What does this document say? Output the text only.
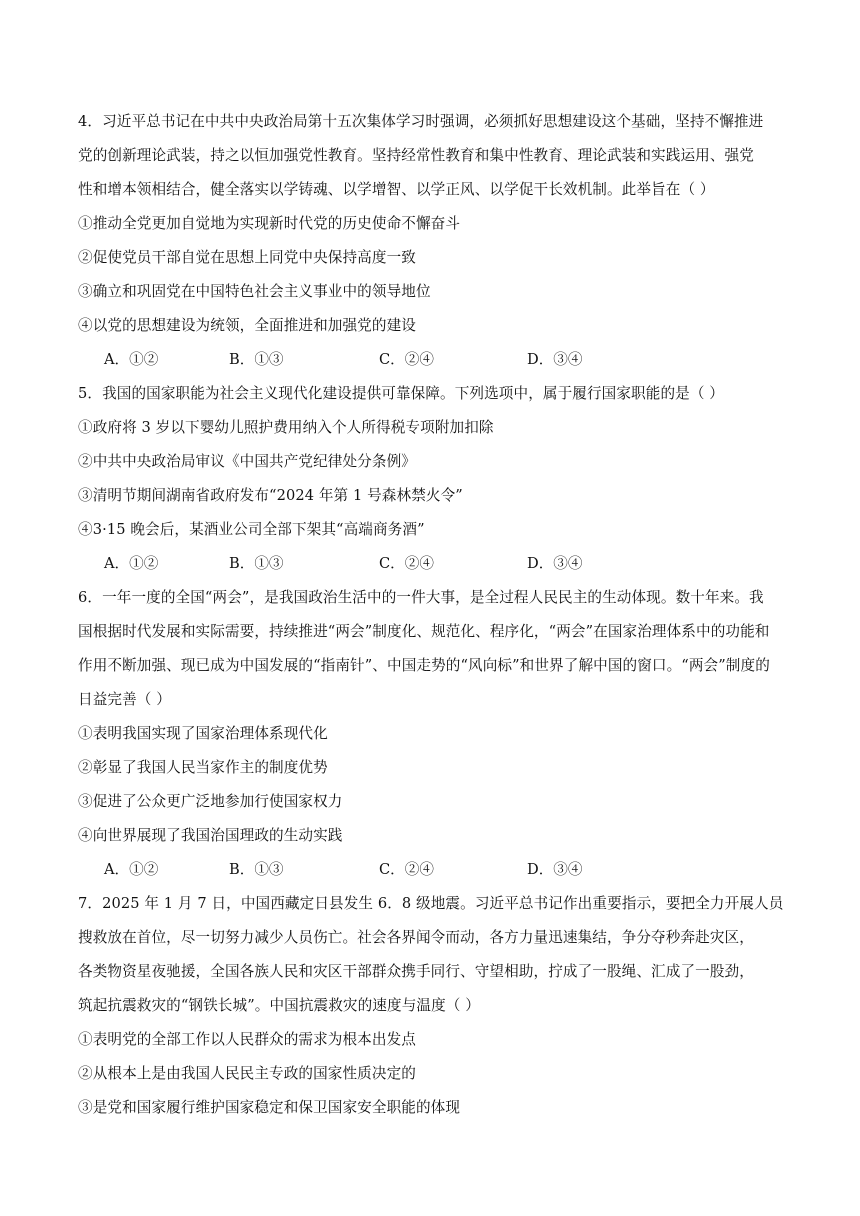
4．习近平总书记在中共中央政治局第十五次集体学习时强调，必须抓好思想建设这个基础，坚持不懈推进
党的创新理论武装，持之以恒加强党性教育。坚持经常性教育和集中性教育、理论武装和实践运用、强党
性和增本领相结合，健全落实以学铸魂、以学增智、以学正风、以学促干长效机制。此举旨在（ ）
①推动全党更加自觉地为实现新时代党的历史使命不懈奋斗
②促使党员干部自觉在思想上同党中央保持高度一致
③确立和巩固党在中国特色社会主义事业中的领导地位
④以党的思想建设为统领，全面推进和加强党的建设
A．①②	B．①③	C．②④	D．③④
5．我国的国家职能为社会主义现代化建设提供可靠保障。下列选项中，属于履行国家职能的是（ ）
①政府将 3 岁以下婴幼儿照护费用纳入个人所得税专项附加扣除
②中共中央政治局审议《中国共产党纪律处分条例》
③清明节期间湖南省政府发布“2024 年第 1 号森林禁火令”
④3·15 晚会后，某酒业公司全部下架其“高端商务酒”
A．①②	B．①③	C．②④	D．③④
6．一年一度的全国“两会”，是我国政治生活中的一件大事，是全过程人民民主的生动体现。数十年来。我
国根据时代发展和实际需要，持续推进“两会”制度化、规范化、程序化，“两会”在国家治理体系中的功能和
作用不断加强、现已成为中国发展的“指南针”、中国走势的“风向标”和世界了解中国的窗口。“两会”制度的
日益完善（ ）
①表明我国实现了国家治理体系现代化
②彰显了我国人民当家作主的制度优势
③促进了公众更广泛地参加行使国家权力
④向世界展现了我国治国理政的生动实践
A．①②	B．①③	C．②④	D．③④
7．2025 年 1 月 7 日，中国西藏定日县发生 6．8 级地震。习近平总书记作出重要指示，要把全力开展人员
搜救放在首位，尽一切努力减少人员伤亡。社会各界闻令而动，各方力量迅速集结，争分夺秒奔赴灾区，
各类物资星夜驰援，全国各族人民和灾区干部群众携手同行、守望相助，拧成了一股绳、汇成了一股劲，
筑起抗震救灾的“钢铁长城”。中国抗震救灾的速度与温度（ ）
①表明党的全部工作以人民群众的需求为根本出发点
②从根本上是由我国人民民主专政的国家性质决定的
③是党和国家履行维护国家稳定和保卫国家安全职能的体现
